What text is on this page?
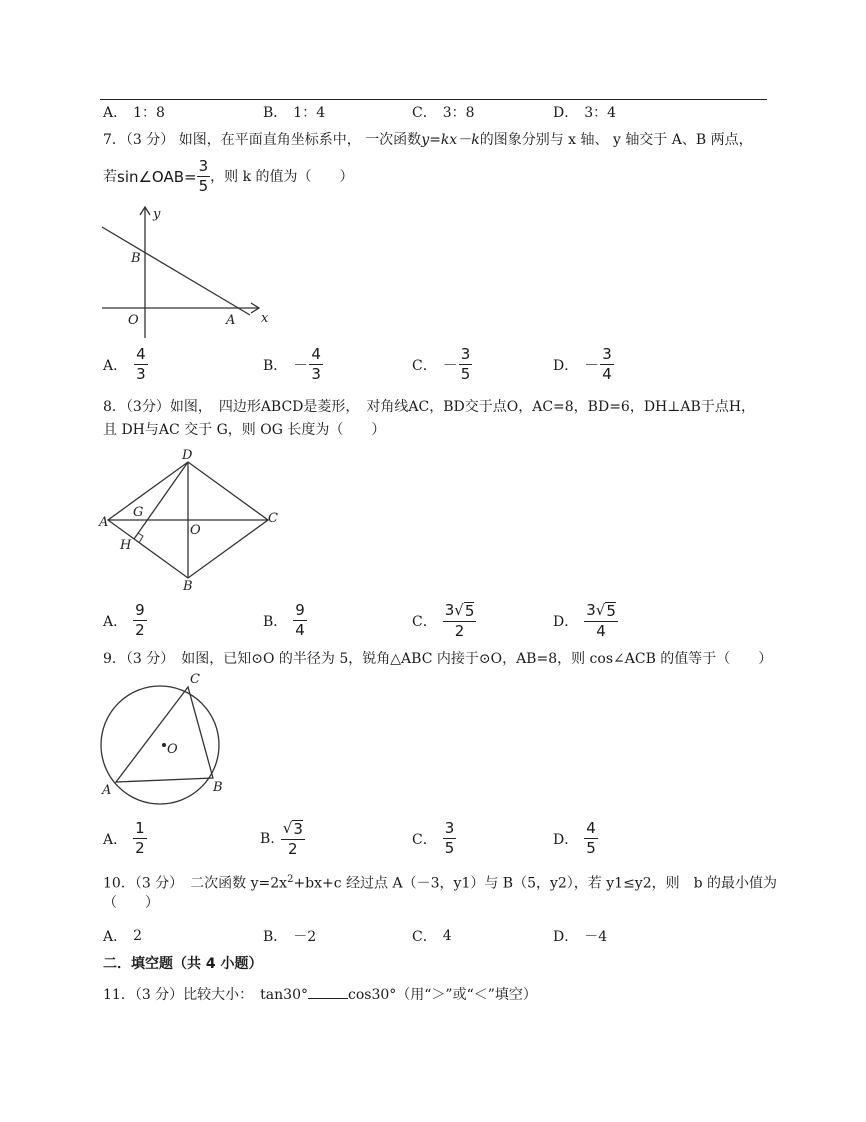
A． 1：8	B． 1：4	C． 3：8	D． 3：4
7．（3 分） 如图，在平面直角坐标系中， 一次函数y=kx－k的图象分别与 x 轴、 y 轴交于 A、B 两点，
若 sin∠OAB= $\frac{3}{5}$ ，则 k 的值为（　　）
y
x
B
O	A
A． $\frac{4}{3}$	B． － $\frac{4}{3}$	C． － $\frac{3}{5}$	D． － $\frac{3}{4}$
8．（3分）如图，　四边形ABCD是菱形，　对角线AC，BD交于点O，AC=8，BD=6，DH⊥AB于点H，
且 DH与AC 交于 G，则 OG 长度为（　　）
D
A
G
O
C
H
B
A． $\frac{9}{2}$	B． $\frac{9}{4}$	C． $\frac{3 √ 5}{2}$	D． $\frac{3 √ 5}{4}$
9．（3 分）　如图，已知⊙O 的半径为 5，锐角△ABC 内接于⊙O，AB=8，则 cos∠ACB 的值等于（　　）
C
O
A	B
A． $\frac{1}{2}$	B. $\frac{√ 3}{2}$	C． $\frac{3}{5}$	D． $\frac{4}{5}$
10．（3 分）　二次函数 $y=2x^2+bx+c$ 经过点 A（－3，y1）与 B（5，y2），若 y1≤y2，则　b 的最小值为
（　　）
A． 2	B． －2	C． 4	D． －4
二．填空题（共 4 小题）
11．（3 分）比较大小：　tan30°	cos30°（用“＞”或“＜”填空）
